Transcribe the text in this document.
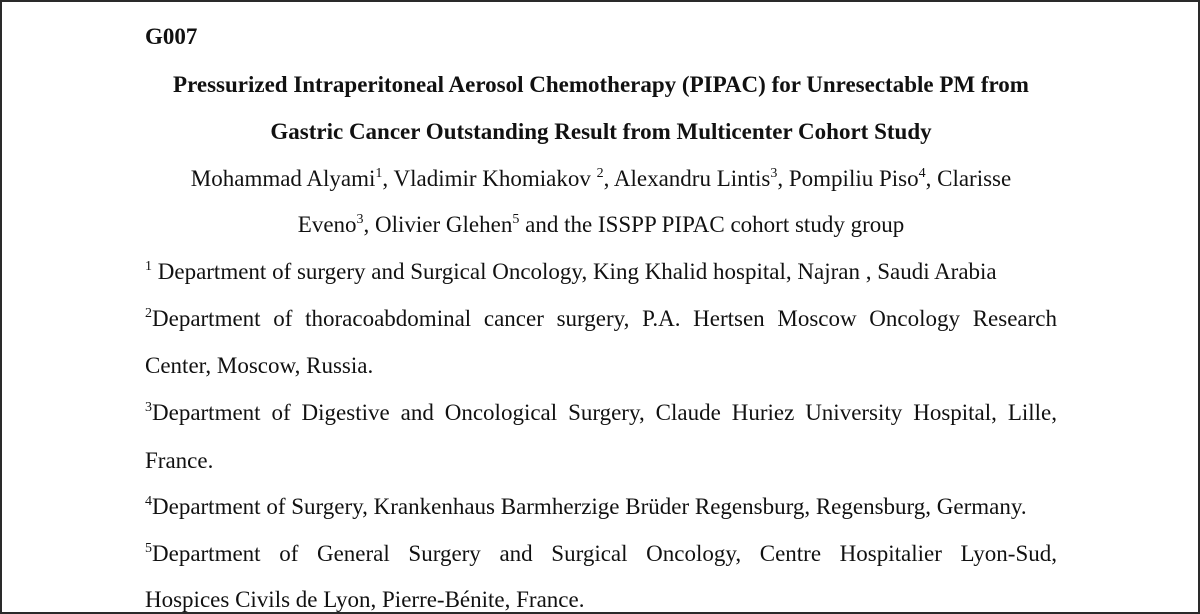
G007
Pressurized Intraperitoneal Aerosol Chemotherapy (PIPAC) for Unresectable PM from
Gastric Cancer Outstanding Result from Multicenter Cohort Study
Mohammad Alyami$^1$, Vladimir Khomiakov $^2$, Alexandru Lintis$^3$, Pompiliu Piso$^4$, Clarisse
Eveno$^3$, Olivier Glehen$^5$ and the ISSPP PIPAC cohort study group
$^1$ Department of surgery and Surgical Oncology, King Khalid hospital, Najran , Saudi Arabia
$^2$Department of thoracoabdominal cancer surgery, P.A. Hertsen Moscow Oncology Research
Center, Moscow, Russia.
$^3$Department of Digestive and Oncological Surgery, Claude Huriez University Hospital, Lille,
France.
$^4$Department of Surgery, Krankenhaus Barmherzige Brüder Regensburg, Regensburg, Germany.
$^5$Department of General Surgery and Surgical Oncology, Centre Hospitalier Lyon-Sud,
Hospices Civils de Lyon, Pierre-Bénite, France.
